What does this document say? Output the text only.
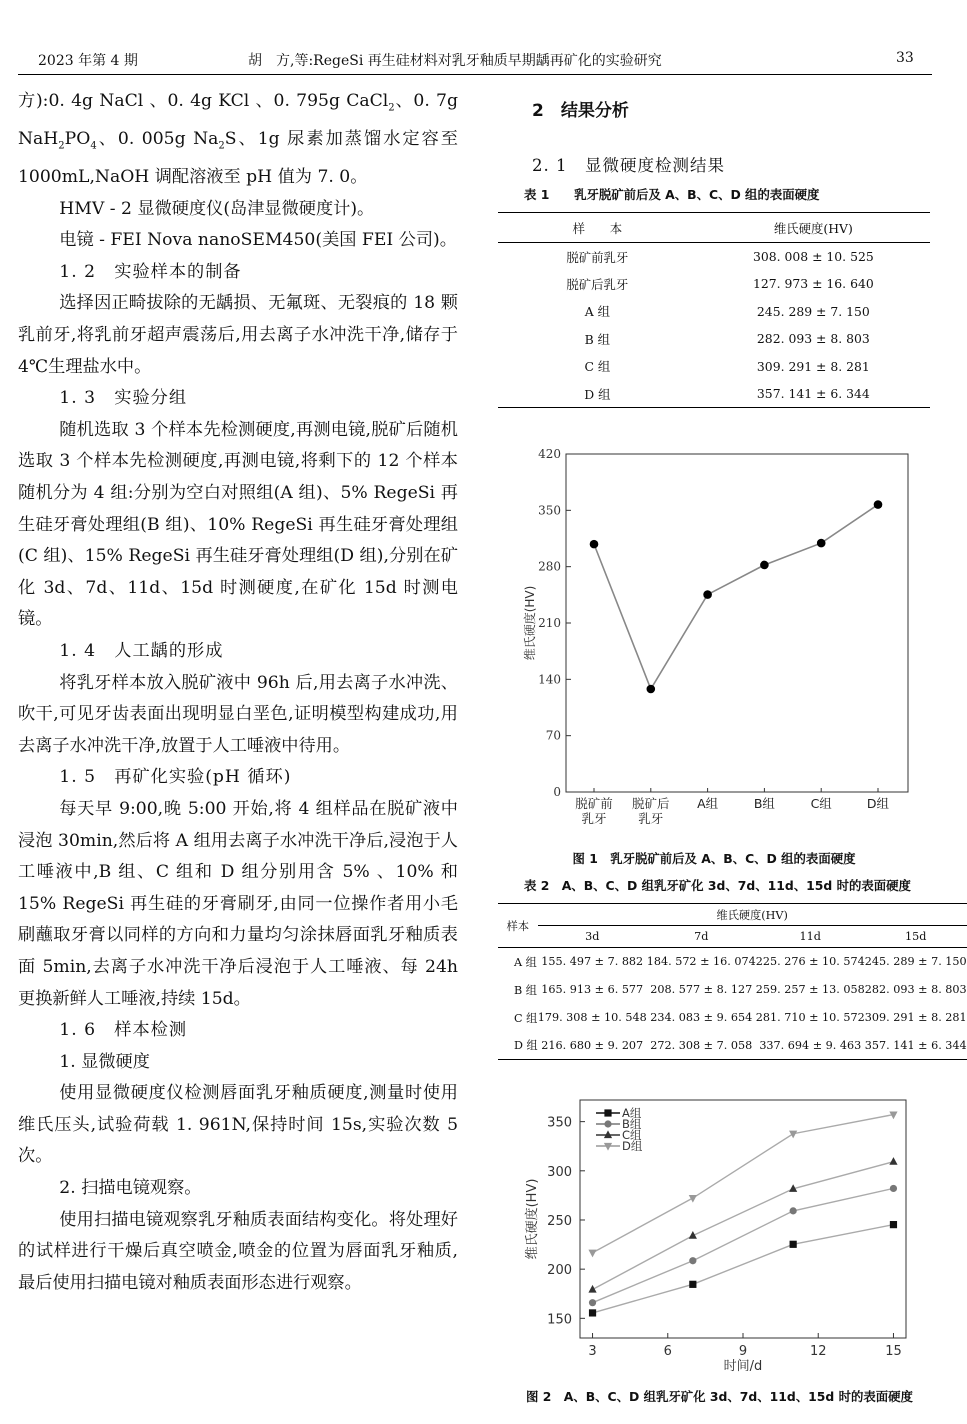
2023 年第 4 期	胡　方,等:RegeSi 再生硅材料对乳牙釉质早期龋再矿化的实验研究	33

方):0. 4g NaCl 、0. 4g KCl 、0. 795g CaCl$_2$、0. 7g $NaH_2PO_4$、0. 005g $Na_2S$、1g 尿素加蒸馏水定容至 1000mL,NaOH 调配溶液至 pH 值为 7. 0。

HMV - 2 显微硬度仪(岛津显微硬度计)。

电镜 - FEI Nova nanoSEM450(美国 FEI 公司)。

1. 2　实验样本的制备

选择因正畸拔除的无龋损、无氟斑、无裂痕的 18 颗乳前牙,将乳前牙超声震荡后,用去离子水冲洗干净,储存于 4℃生理盐水中。

1. 3　实验分组

随机选取 3 个样本先检测硬度,再测电镜,脱矿后随机选取 3 个样本先检测硬度,再测电镜,将剩下的 12 个样本随机分为 4 组:分别为空白对照组(A 组)、5% RegeSi 再生硅牙膏处理组(B 组)、10% RegeSi 再生硅牙膏处理组(C 组)、15% RegeSi 再生硅牙膏处理组(D 组),分别在矿化 3d、7d、11d、15d 时测硬度,在矿化 15d 时测电镜。

1. 4　人工龋的形成

将乳牙样本放入脱矿液中 96h 后,用去离子水冲洗、吹干,可见牙齿表面出现明显白垩色,证明模型构建成功,用去离子水冲洗干净,放置于人工唾液中待用。

1. 5　再矿化实验(pH 循环)

每天早 9:00,晚 5:00 开始,将 4 组样品在脱矿液中浸泡 30min,然后将 A 组用去离子水冲洗干净后,浸泡于人工唾液中,B 组、C 组和 D 组分别用含 5% 、10% 和 15% RegeSi 再生硅的牙膏刷牙,由同一位操作者用小毛刷蘸取牙膏以同样的方向和力量均匀涂抹唇面乳牙釉质表面 5min,去离子水冲洗干净后浸泡于人工唾液、每 24h 更换新鲜人工唾液,持续 15d。

1. 6　样本检测

1. 显微硬度

使用显微硬度仪检测唇面乳牙釉质硬度,测量时使用维氏压头,试验荷载 1. 961N,保持时间 15s,实验次数 5 次。

2. 扫描电镜观察。

使用扫描电镜观察乳牙釉质表面结构变化。将处理好的试样进行干燥后真空喷金,喷金的位置为唇面乳牙釉质,最后使用扫描电镜对釉质表面形态进行观察。

2　结果分析
2. 1　显微硬度检测结果
表 1　　乳牙脱矿前后及 A、B、C、D 组的表面硬度
样　　本	维氏硬度(HV)
脱矿前乳牙	308. 008 ± 10. 525
脱矿后乳牙	127. 973 ± 16. 640
A 组	245. 289 ± 7. 150
B 组	282. 093 ± 8. 803
C 组	309. 291 ± 8. 281
D 组	357. 141 ± 6. 344
0
70
140
210
280
350
420
维氏硬度(HV)
脱矿前
乳牙
脱矿后
乳牙
A组	B组	C组	D组
图 1　乳牙脱矿前后及 A、B、C、D 组的表面硬度
表 2　A、B、C、D 组乳牙矿化 3d、7d、11d、15d 时的表面硬度
样本	维氏硬度(HV)			
	3d	7d	11d	15d
A 组	155. 497 ± 7. 882	184. 572 ± 16. 074	225. 276 ± 10. 574	245. 289 ± 7. 150
B 组	165. 913 ± 6. 577	208. 577 ± 8. 127	259. 257 ± 13. 058	282. 093 ± 8. 803
C 组	179. 308 ± 10. 548	234. 083 ± 9. 654	281. 710 ± 10. 572	309. 291 ± 8. 281
D 组	216. 680 ± 9. 207	272. 308 ± 7. 058	337. 694 ± 9. 463	357. 141 ± 6. 344
150
200
250
300
350
3	6	9	12	15
时间/d
维氏硬度(HV)
A组
B组
C组
D组
图 2　A、B、C、D 组乳牙矿化 3d、7d、11d、15d 时的表面硬度
